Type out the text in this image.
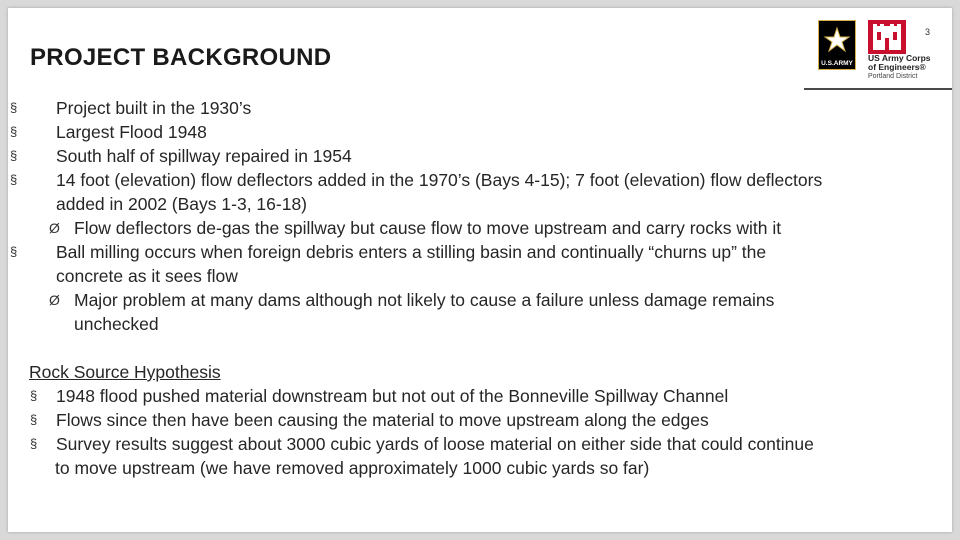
PROJECT BACKGROUND
3
U.S.ARMY
US Army Corps
of Engineers®
Portland District
§ Project built in the 1930’s
§ Largest Flood 1948
§ South half of spillway repaired in 1954
§ 14 foot (elevation) flow deflectors added in the 1970’s (Bays 4-15); 7 foot (elevation) flow deflectors
added in 2002 (Bays 1-3, 16-18)
Ø Flow deflectors de-gas the spillway but cause flow to move upstream and carry rocks with it
§ Ball milling occurs when foreign debris enters a stilling basin and continually “churns up” the
concrete as it sees flow
Ø Major problem at many dams although not likely to cause a failure unless damage remains
unchecked
Rock Source Hypothesis
§ 1948 flood pushed material downstream but not out of the Bonneville Spillway Channel
§ Flows since then have been causing the material to move upstream along the edges
§ Survey results suggest about 3000 cubic yards of loose material on either side that could continue
to move upstream (we have removed approximately 1000 cubic yards so far)
